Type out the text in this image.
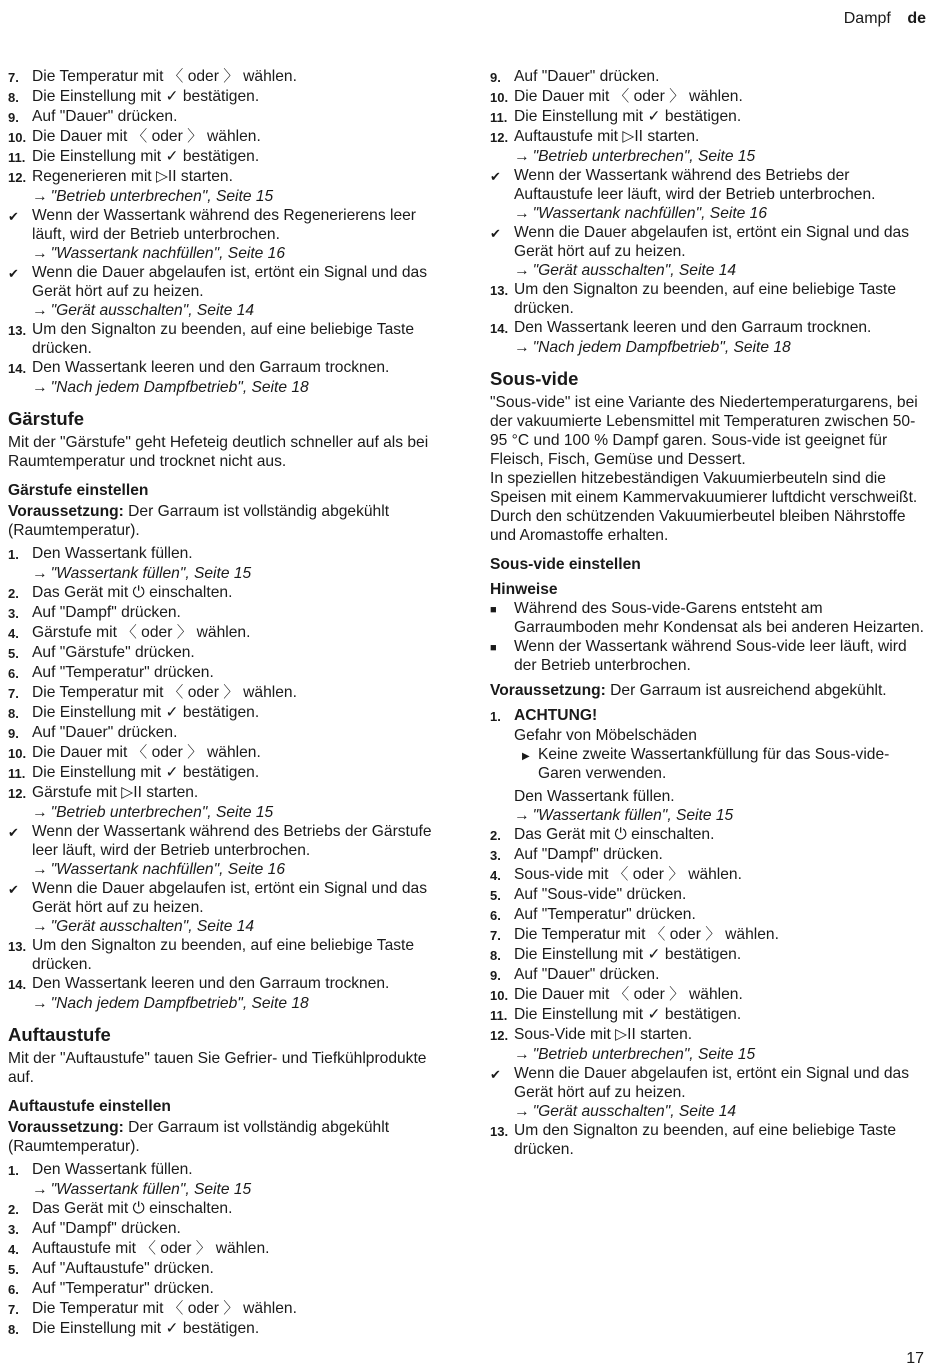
Dampf de
7. Die Temperatur mit 〈 oder 〉 wählen.
8. Die Einstellung mit ✓ bestätigen.
9. Auf "Dauer" drücken.
10. Die Dauer mit 〈 oder 〉 wählen.
11. Die Einstellung mit ✓ bestätigen.
12. Regenerieren mit ▷II starten.
→ "Betrieb unterbrechen", Seite 15
✔ Wenn der Wassertank während des Regenerierens leer läuft, wird der Betrieb unterbrochen.
→ "Wassertank nachfüllen", Seite 16
✔ Wenn die Dauer abgelaufen ist, ertönt ein Signal und das Gerät hört auf zu heizen.
→ "Gerät ausschalten", Seite 14
13. Um den Signalton zu beenden, auf eine beliebige Taste drücken.
14. Den Wassertank leeren und den Garraum trocknen.
→ "Nach jedem Dampfbetrieb", Seite 18
Gärstufe

Mit der "Gärstufe" geht Hefeteig deutlich schneller auf als bei Raumtemperatur und trocknet nicht aus.

Gärstufe einstellen

Voraussetzung: Der Garraum ist vollständig abgekühlt (Raumtemperatur).

1. Den Wassertank füllen.
→ "Wassertank füllen", Seite 15
2. Das Gerät mit ⏻ einschalten.
3. Auf "Dampf" drücken.
4. Gärstufe mit 〈 oder 〉 wählen.
5. Auf "Gärstufe" drücken.
6. Auf "Temperatur" drücken.
7. Die Temperatur mit 〈 oder 〉 wählen.
8. Die Einstellung mit ✓ bestätigen.
9. Auf "Dauer" drücken.
10. Die Dauer mit 〈 oder 〉 wählen.
11. Die Einstellung mit ✓ bestätigen.
12. Gärstufe mit ▷II starten.
→ "Betrieb unterbrechen", Seite 15
✔ Wenn der Wassertank während des Betriebs der Gärstufe leer läuft, wird der Betrieb unterbrochen.
→ "Wassertank nachfüllen", Seite 16
✔ Wenn die Dauer abgelaufen ist, ertönt ein Signal und das Gerät hört auf zu heizen.
→ "Gerät ausschalten", Seite 14
13. Um den Signalton zu beenden, auf eine beliebige Taste drücken.
14. Den Wassertank leeren und den Garraum trocknen.
→ "Nach jedem Dampfbetrieb", Seite 18
Auftaustufe

Mit der "Auftaustufe" tauen Sie Gefrier- und Tiefkühlprodukte auf.

Auftaustufe einstellen

Voraussetzung: Der Garraum ist vollständig abgekühlt (Raumtemperatur).

1. Den Wassertank füllen.
→ "Wassertank füllen", Seite 15
2. Das Gerät mit ⏻ einschalten.
3. Auf "Dampf" drücken.
4. Auftaustufe mit 〈 oder 〉 wählen.
5. Auf "Auftaustufe" drücken.
6. Auf "Temperatur" drücken.
7. Die Temperatur mit 〈 oder 〉 wählen.
8. Die Einstellung mit ✓ bestätigen.
9. Auf "Dauer" drücken.
10. Die Dauer mit 〈 oder 〉 wählen.
11. Die Einstellung mit ✓ bestätigen.
12. Auftaustufe mit ▷II starten.
→ "Betrieb unterbrechen", Seite 15
✔ Wenn der Wassertank während des Betriebs der Auftaustufe leer läuft, wird der Betrieb unterbrochen.
→ "Wassertank nachfüllen", Seite 16
✔ Wenn die Dauer abgelaufen ist, ertönt ein Signal und das Gerät hört auf zu heizen.
→ "Gerät ausschalten", Seite 14
13. Um den Signalton zu beenden, auf eine beliebige Taste drücken.
14. Den Wassertank leeren und den Garraum trocknen.
→ "Nach jedem Dampfbetrieb", Seite 18
Sous-vide

"Sous-vide" ist eine Variante des Niedertemperaturgarens, bei der vakuumierte Lebensmittel mit Temperaturen zwischen 50-95 °C und 100 % Dampf garen. Sous-vide ist geeignet für Fleisch, Fisch, Gemüse und Dessert.

In speziellen hitzebeständigen Vakuumierbeuteln sind die Speisen mit einem Kammervakuumierer luftdicht verschweißt. Durch den schützenden Vakuumierbeutel bleiben Nährstoffe und Aromastoffe erhalten.

Sous-vide einstellen
Hinweise
■	Während des Sous-vide-Garens entsteht am Garraumboden mehr Kondensat als bei anderen Heizarten.
■	Wenn der Wassertank während Sous-vide leer läuft, wird der Betrieb unterbrochen.

Voraussetzung: Der Garraum ist ausreichend abgekühlt.

1. ACHTUNG!
Gefahr von Möbelschäden
▶ Keine zweite Wassertankfüllung für das Sous-vide-Garen verwenden.
Den Wassertank füllen.
→ "Wassertank füllen", Seite 15
2. Das Gerät mit ⏻ einschalten.
3. Auf "Dampf" drücken.
4. Sous-vide mit 〈 oder 〉 wählen.
5. Auf "Sous-vide" drücken.
6. Auf "Temperatur" drücken.
7. Die Temperatur mit 〈 oder 〉 wählen.
8. Die Einstellung mit ✓ bestätigen.
9. Auf "Dauer" drücken.
10. Die Dauer mit 〈 oder 〉 wählen.
11. Die Einstellung mit ✓ bestätigen.
12. Sous-Vide mit ▷II starten.
→ "Betrieb unterbrechen", Seite 15
✔ Wenn die Dauer abgelaufen ist, ertönt ein Signal und das Gerät hört auf zu heizen.
→ "Gerät ausschalten", Seite 14
13. Um den Signalton zu beenden, auf eine beliebige Taste drücken.
17
